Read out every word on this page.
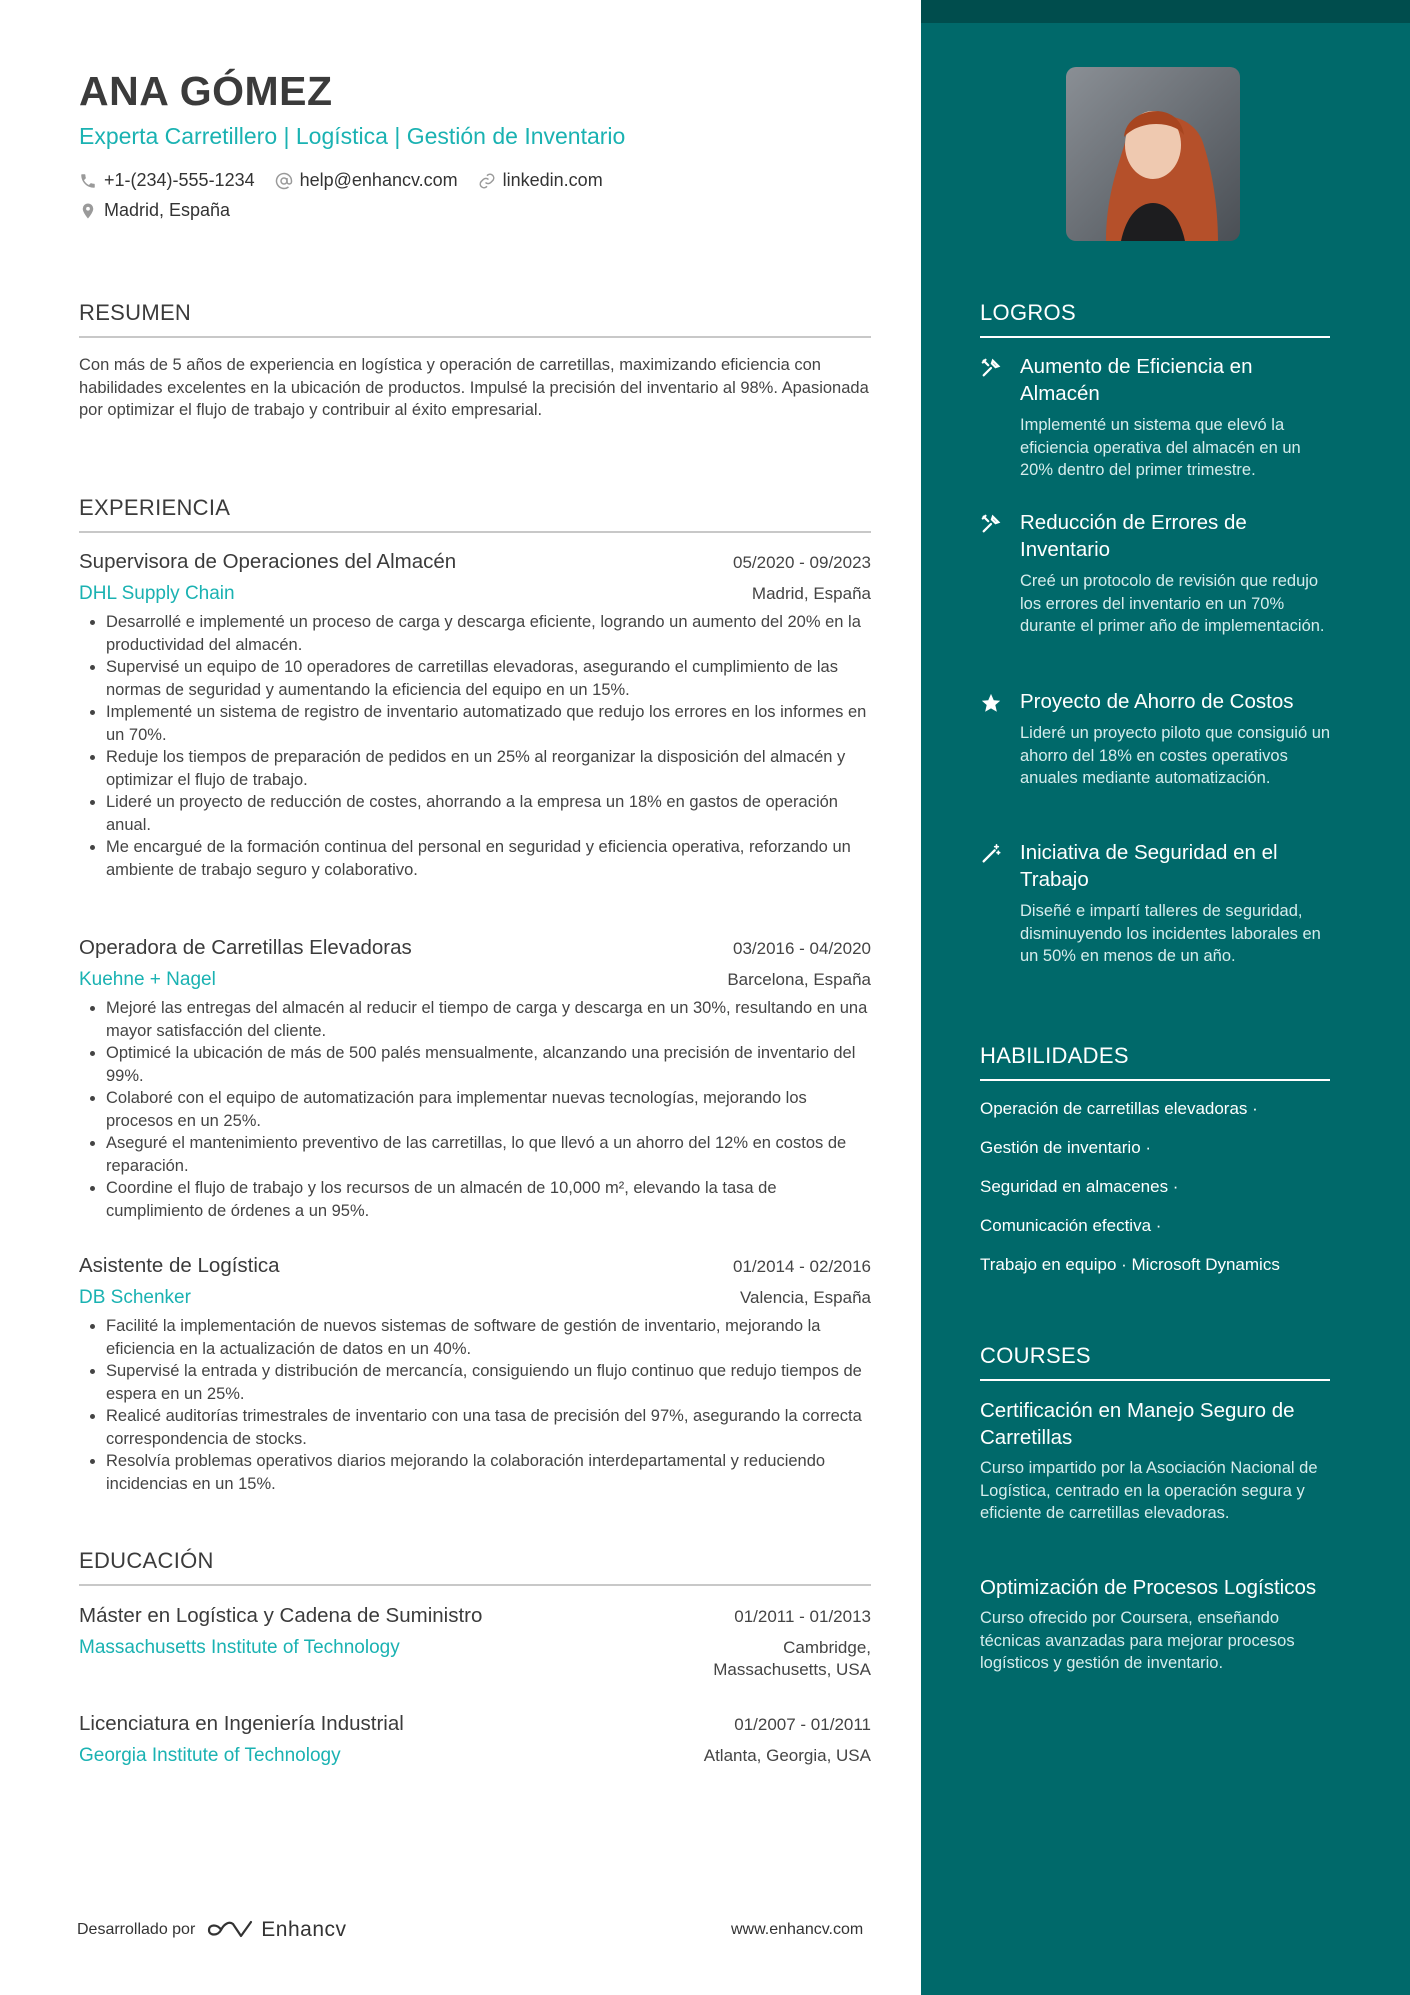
ANA GÓMEZ
Experta Carretillero | Logística | Gestión de Inventario
+1-(234)-555-1234	help@enhancv.com	linkedin.com
Madrid, España
RESUMEN

Con más de 5 años de experiencia en logística y operación de carretillas, maximizando eficiencia con habilidades excelentes en la ubicación de productos. Impulsé la precisión del inventario al 98%. Apasionada por optimizar el flujo de trabajo y contribuir al éxito empresarial.

EXPERIENCIA
Supervisora de Operaciones del Almacén	05/2020 - 09/2023
DHL Supply Chain	Madrid, España
• Desarrollé e implementé un proceso de carga y descarga eficiente, logrando un aumento del 20% en la productividad del almacén.
• Supervisé un equipo de 10 operadores de carretillas elevadoras, asegurando el cumplimiento de las normas de seguridad y aumentando la eficiencia del equipo en un 15%.
• Implementé un sistema de registro de inventario automatizado que redujo los errores en los informes en un 70%.
• Reduje los tiempos de preparación de pedidos en un 25% al reorganizar la disposición del almacén y optimizar el flujo de trabajo.
• Lideré un proyecto de reducción de costes, ahorrando a la empresa un 18% en gastos de operación anual.
• Me encargué de la formación continua del personal en seguridad y eficiencia operativa, reforzando un ambiente de trabajo seguro y colaborativo.
Operadora de Carretillas Elevadoras	03/2016 - 04/2020
Kuehne + Nagel	Barcelona, España
• Mejoré las entregas del almacén al reducir el tiempo de carga y descarga en un 30%, resultando en una mayor satisfacción del cliente.
• Optimicé la ubicación de más de 500 palés mensualmente, alcanzando una precisión de inventario del 99%.
• Colaboré con el equipo de automatización para implementar nuevas tecnologías, mejorando los procesos en un 25%.
• Aseguré el mantenimiento preventivo de las carretillas, lo que llevó a un ahorro del 12% en costos de reparación.
• Coordine el flujo de trabajo y los recursos de un almacén de 10,000 m², elevando la tasa de cumplimiento de órdenes a un 95%.
Asistente de Logística	01/2014 - 02/2016
DB Schenker	Valencia, España
• Facilité la implementación de nuevos sistemas de software de gestión de inventario, mejorando la eficiencia en la actualización de datos en un 40%.
• Supervisé la entrada y distribución de mercancía, consiguiendo un flujo continuo que redujo tiempos de espera en un 25%.
• Realicé auditorías trimestrales de inventario con una tasa de precisión del 97%, asegurando la correcta correspondencia de stocks.
• Resolvía problemas operativos diarios mejorando la colaboración interdepartamental y reduciendo incidencias en un 15%.
EDUCACIÓN
Máster en Logística y Cadena de Suministro	01/2011 - 01/2013
Massachusetts Institute of Technology	Cambridge,
Massachusetts, USA
Licenciatura en Ingeniería Industrial	01/2007 - 01/2011
Georgia Institute of Technology	Atlanta, Georgia, USA
Desarrollado por	Enhancv	www.enhancv.com
LOGROS
Aumento de Eficiencia en Almacén
Implementé un sistema que elevó la eficiencia operativa del almacén en un 20% dentro del primer trimestre.
Reducción de Errores de Inventario
Creé un protocolo de revisión que redujo los errores del inventario en un 70% durante el primer año de implementación.
Proyecto de Ahorro de Costos
Lideré un proyecto piloto que consiguió un ahorro del 18% en costes operativos anuales mediante automatización.
Iniciativa de Seguridad en el Trabajo
Diseñé e impartí talleres de seguridad, disminuyendo los incidentes laborales en un 50% en menos de un año.
HABILIDADES
Operación de carretillas elevadoras ·
Gestión de inventario ·
Seguridad en almacenes ·
Comunicación efectiva ·
Trabajo en equipo · Microsoft Dynamics
COURSES
Certificación en Manejo Seguro de Carretillas
Curso impartido por la Asociación Nacional de Logística, centrado en la operación segura y eficiente de carretillas elevadoras.
Optimización de Procesos Logísticos
Curso ofrecido por Coursera, enseñando técnicas avanzadas para mejorar procesos logísticos y gestión de inventario.
